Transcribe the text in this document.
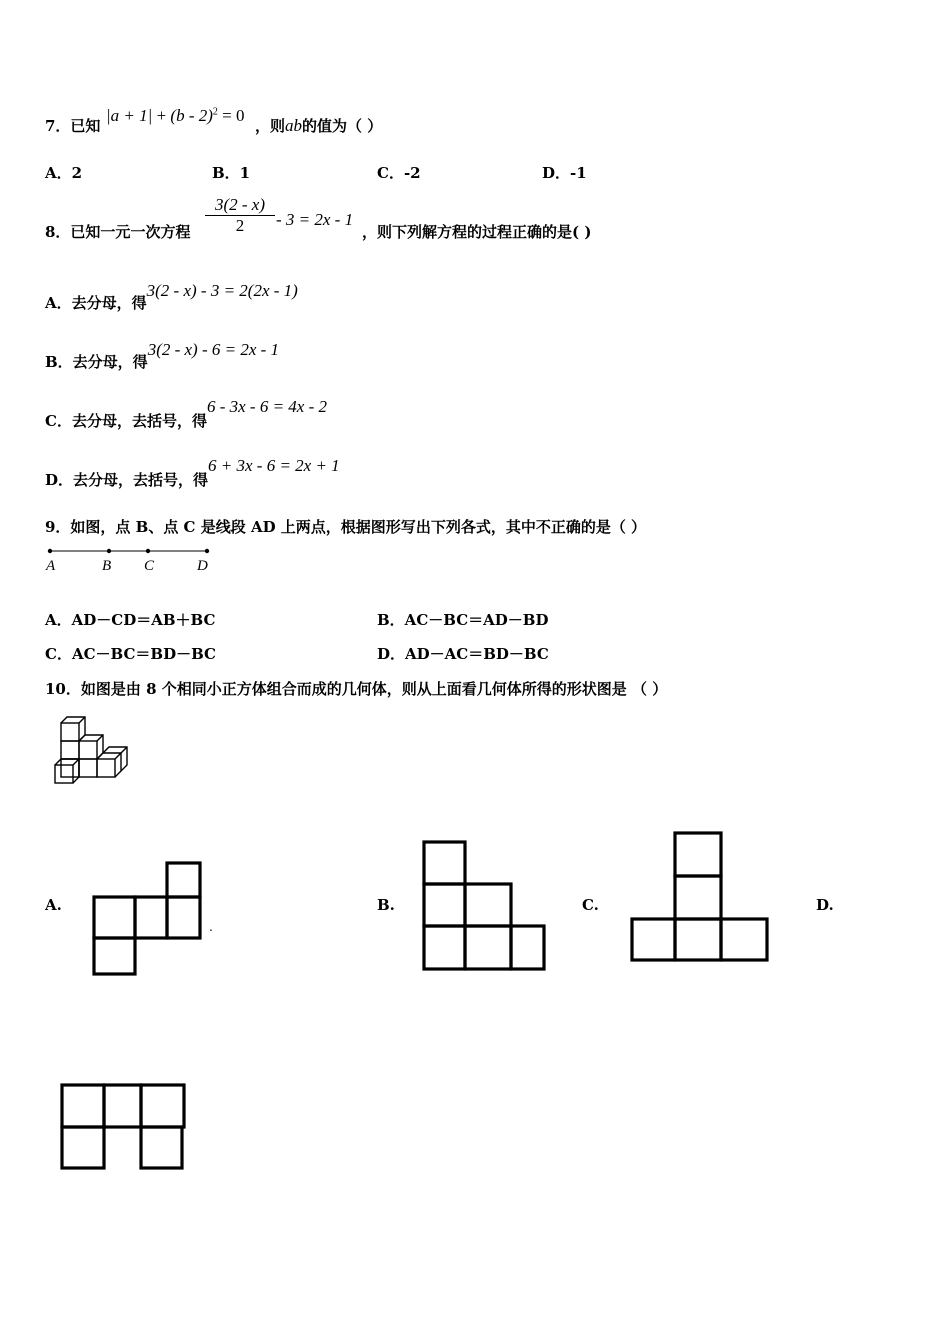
7．已知
|a + 1| + (b - 2)$^2$ = 0
，则ab的值为（ ）
A．2	B．1	C．-2	D．-1
8．已知一元一次方程
3(2 - x)
2	- 3 = 2x - 1
，则下列解方程的过程正确的是( )
A．去分母，得3(2 - x) - 3 = 2(2x - 1)
B．去分母，得3(2 - x) - 6 = 2x - 1
C．去分母，去括号，得6 - 3x - 6 = 4x - 2
D．去分母，去括号，得6 + 3x - 6 = 2x + 1
9．如图，点 B、点 C 是线段 AD 上两点，根据图形写出下列各式，其中不正确的是（ ）
A	B C	D
A．AD－CD＝AB＋BC	B．AC－BC＝AD－BD
C．AC－BC＝BD－BC	D．AD－AC＝BD－BC
10．如图是由 8 个相同小正方体组合而成的几何体，则从上面看几何体所得的形状图是 （ ）
A.	B.	C.	D.
.
